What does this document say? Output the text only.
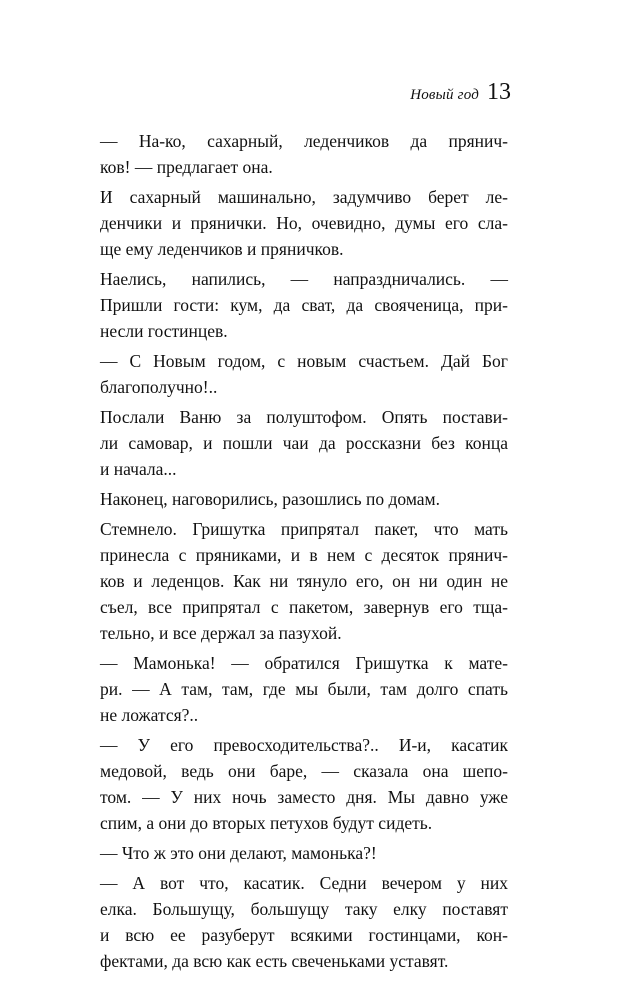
Новый год 13
— На-ко, сахарный, леденчиков да прянич-
ков! — предлагает она.
И сахарный машинально, задумчиво берет ле-
денчики и прянички. Но, очевидно, думы его сла-
ще ему леденчиков и пряничков.
Наелись, напились, — напраздничались. —
Пришли гости: кум, да сват, да свояченица, при-
несли гостинцев.
— С Новым годом, с новым счастьем. Дай Бог
благополучно!..
Послали Ваню за полуштофом. Опять постави-
ли самовар, и пошли чаи да россказни без конца
и начала...
Наконец, наговорились, разошлись по домам.
Стемнело. Гришутка припрятал пакет, что мать
принесла с пряниками, и в нем с десяток прянич-
ков и леденцов. Как ни тянуло его, он ни один не
съел, все припрятал с пакетом, завернув его тща-
тельно, и все держал за пазухой.
— Мамонька! — обратился Гришутка к мате-
ри. — А там, там, где мы были, там долго спать
не ложатся?..
— У его превосходительства?.. И-и, касатик
медовой, ведь они баре, — сказала она шепо-
том. — У них ночь заместо дня. Мы давно уже
спим, а они до вторых петухов будут сидеть.
— Что ж это они делают, мамонька?!
— А вот что, касатик. Седни вечером у них
елка. Большущу, большущу таку елку поставят
и всю ее разуберут всякими гостинцами, кон-
фектами, да всю как есть свеченьками уставят.
